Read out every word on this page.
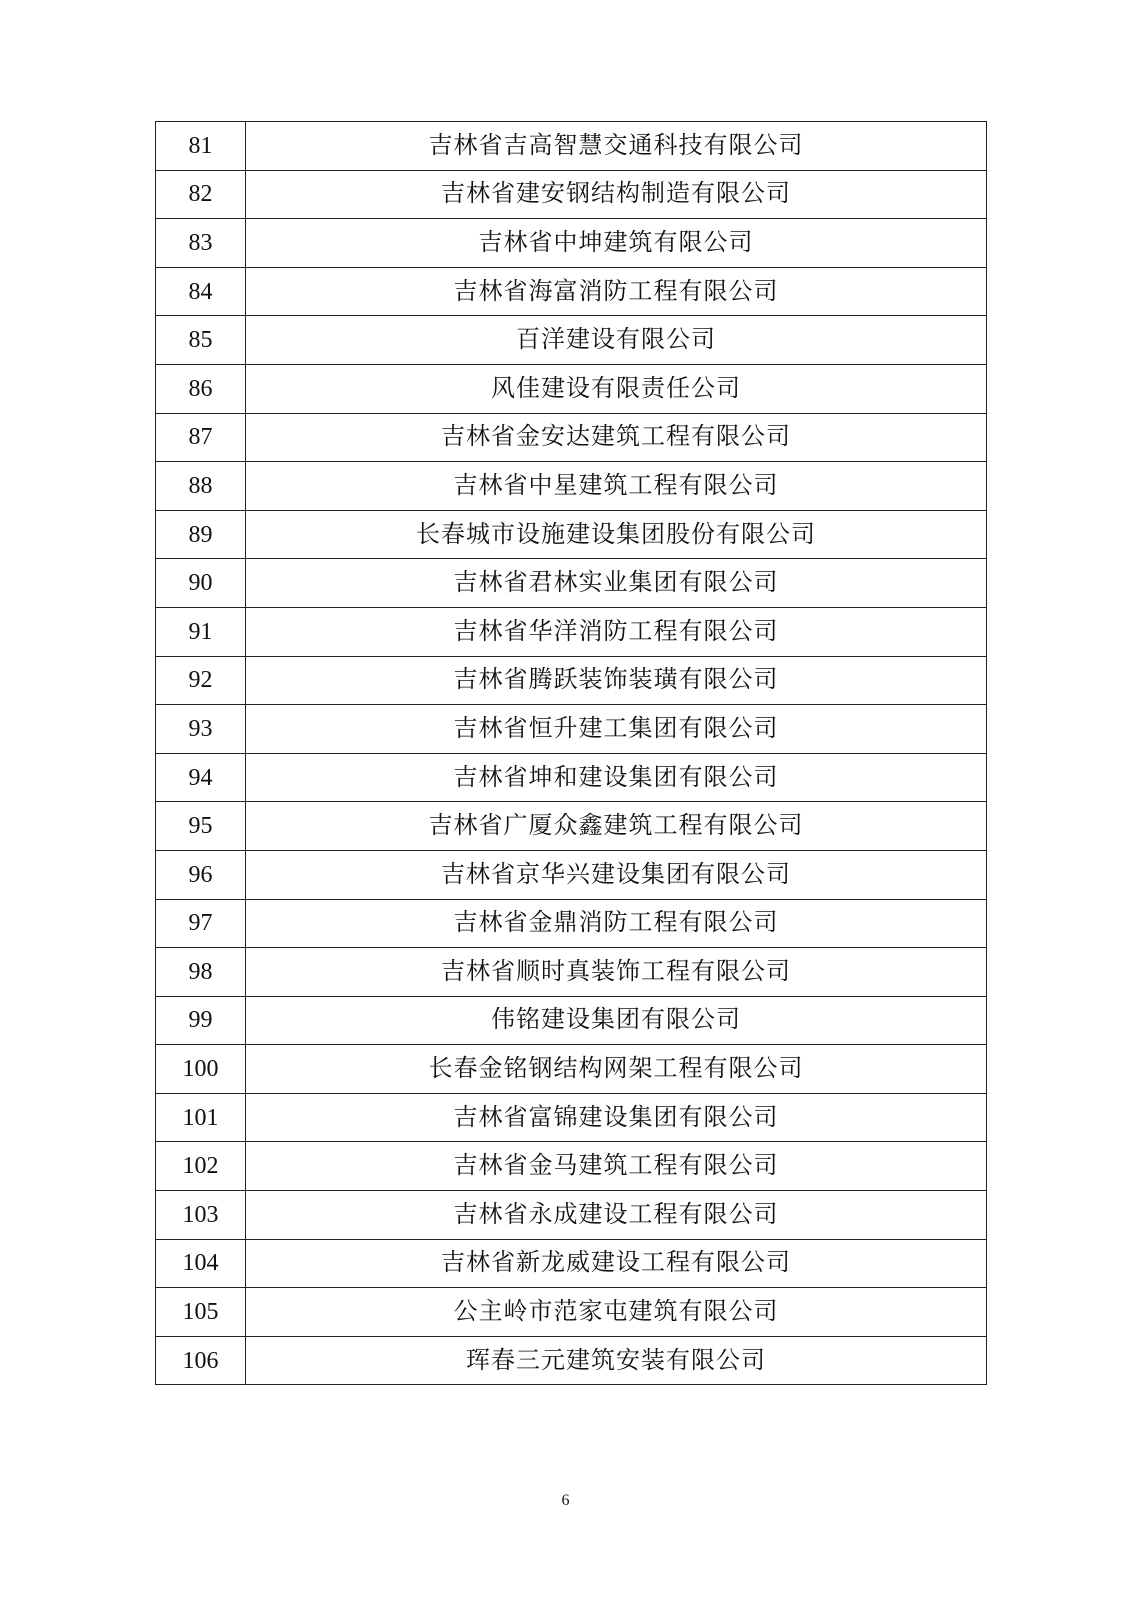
81	吉林省吉高智慧交通科技有限公司
82	吉林省建安钢结构制造有限公司
83	吉林省中坤建筑有限公司
84	吉林省海富消防工程有限公司
85	百洋建设有限公司
86	风佳建设有限责任公司
87	吉林省金安达建筑工程有限公司
88	吉林省中星建筑工程有限公司
89	长春城市设施建设集团股份有限公司
90	吉林省君林实业集团有限公司
91	吉林省华洋消防工程有限公司
92	吉林省腾跃装饰装璜有限公司
93	吉林省恒升建工集团有限公司
94	吉林省坤和建设集团有限公司
95	吉林省广厦众鑫建筑工程有限公司
96	吉林省京华兴建设集团有限公司
97	吉林省金鼎消防工程有限公司
98	吉林省顺时真装饰工程有限公司
99	伟铭建设集团有限公司
100	长春金铭钢结构网架工程有限公司
101	吉林省富锦建设集团有限公司
102	吉林省金马建筑工程有限公司
103	吉林省永成建设工程有限公司
104	吉林省新龙威建设工程有限公司
105	公主岭市范家屯建筑有限公司
106	珲春三元建筑安装有限公司
6
